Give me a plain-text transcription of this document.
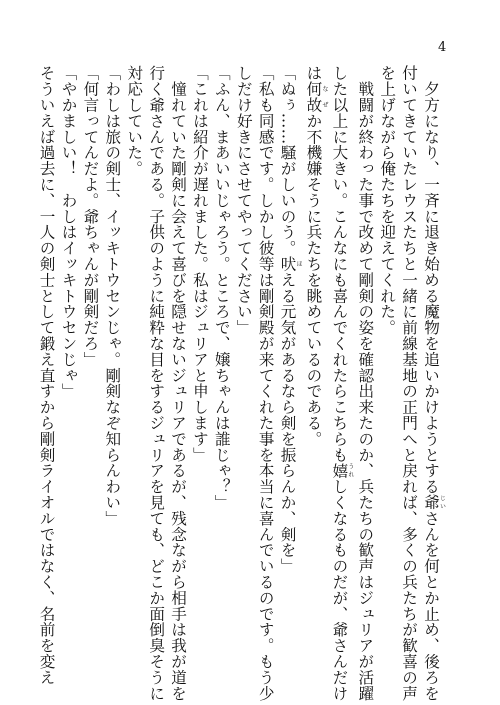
4
　夕方になり、一斉に退き始める魔物を追いかけようとする爺じいさんを何とか止め、後ろを
付いてきていたレウスたちと一緒に前線基地の正門へと戻れば、多くの兵たちが歓喜の声
を上げながら俺たちを迎えてくれた。
　戦闘が終わった事で改めて剛剣の姿を確認出来たのか、兵たちの歓声はジュリアが活躍
した以上に大きい。こんなにも喜んでくれたらこちらも嬉うれしくなるものだが、爺さんだけ
は何故なぜか不機嫌そうに兵たちを眺めているのである。
「ぬぅ……騒がしいのう。吠ほえる元気があるなら剣を振らんか、剣を」
「私も同感です。しかし彼等は剛剣殿が来てくれた事を本当に喜んでいるのです。もう少
しだけ好きにさせてやってください」
「ふん、まあいいじゃろう。ところで、嬢ちゃんは誰じゃ？」
「これは紹介が遅れました。私はジュリアと申します」
　憧れていた剛剣に会えて喜びを隠せないジュリアであるが、残念ながら相手は我が道を
行く爺さんである。子供のように純粋な目をするジュリアを見ても、どこか面倒臭そうに
対応していた。
「わしは旅の剣士、イッキトウセンじゃ。剛剣なぞ知らんわい」
「何言ってんだよ。爺ちゃんが剛剣だろ」
「やかましい！　わしはイッキトウセンじゃ」
そういえば過去に、一人の剣士として鍛え直すから剛剣ライオルではなく、名前を変え
